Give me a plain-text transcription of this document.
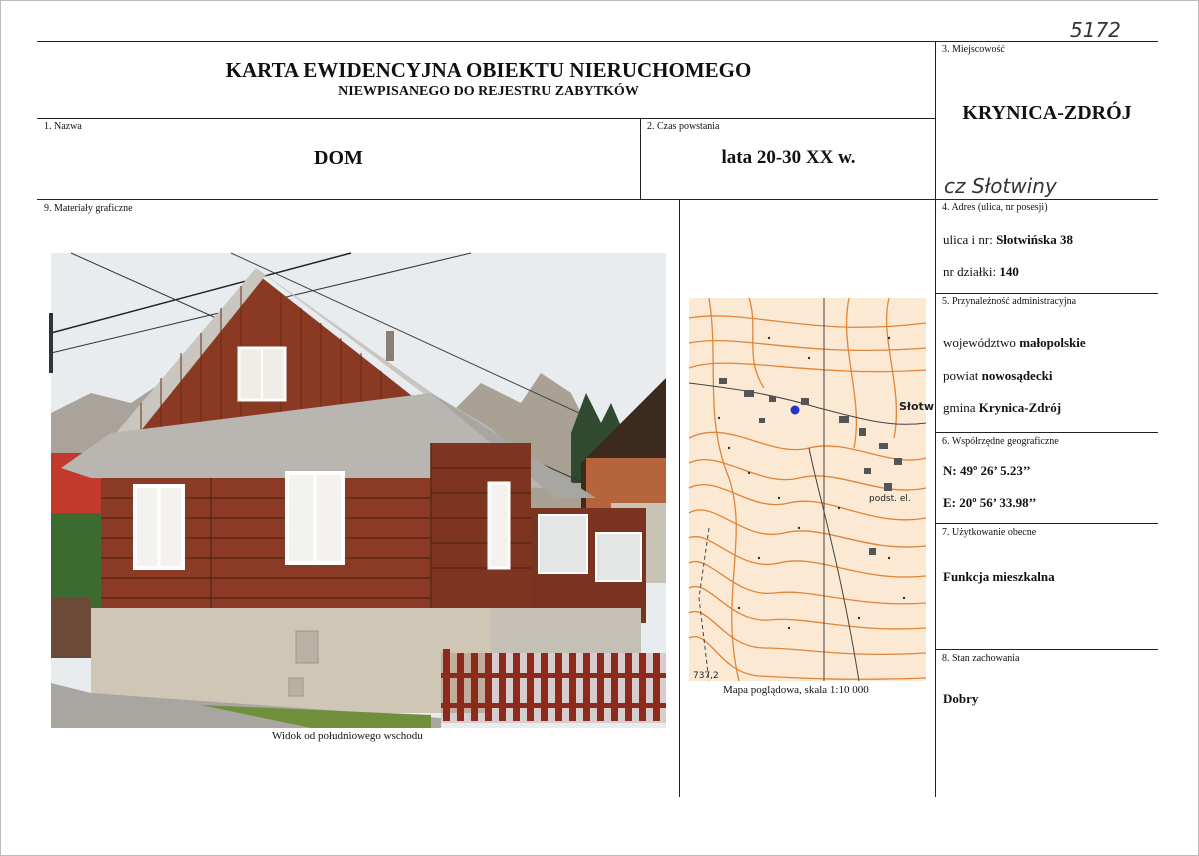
5172
KARTA EWIDENCYJNA OBIEKTU NIERUCHOMEGO
NIEWPISANEGO DO REJESTRU ZABYTKÓW
3. Miejscowość
KRYNICA-ZDRÓJ
cz Słotwiny
1. Nazwa
DOM
2. Czas powstania
lata 20-30 XX w.
9. Materiały graficzne
Widok od południowego wschodu
Słotw
podst. el.
737,2
Mapa poglądowa, skala 1:10 000
4. Adres (ulica, nr posesji)
ulica i nr: Słotwińska 38
nr działki: 140
5. Przynależność administracyjna
województwo małopolskie
powiat nowosądecki
gmina Krynica-Zdrój
6. Współrzędne geograficzne
N: 49º 26’ 5.23’’
E: 20º 56’ 33.98’’
7. Użytkowanie obecne
Funkcja mieszkalna
8. Stan zachowania
Dobry
